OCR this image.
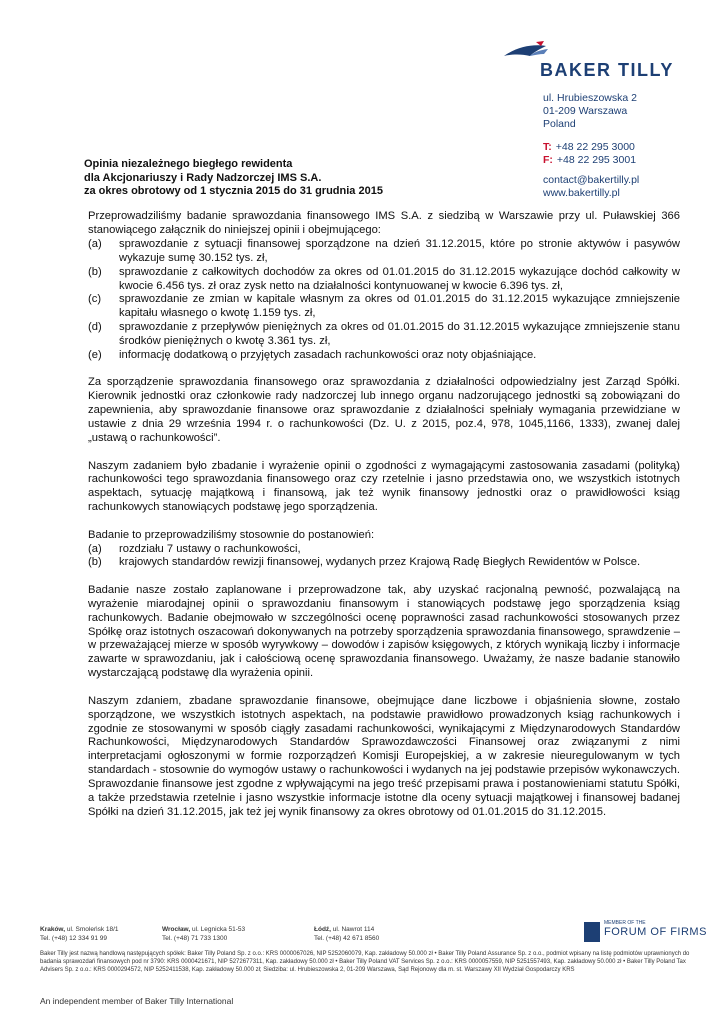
BAKER TILLY
ul. Hrubieszowska 2
01-209 Warszawa
Poland
T: +48 22 295 3000
F: +48 22 295 3001
contact@bakertilly.pl
www.bakertilly.pl
Opinia niezależnego biegłego rewidenta
dla Akcjonariuszy i Rady Nadzorczej IMS S.A.
za okres obrotowy od 1 stycznia 2015 do 31 grudnia 2015

Przeprowadziliśmy badanie sprawozdania finansowego IMS S.A. z siedzibą w Warszawie przy ul. Puławskiej 366 stanowiącego załącznik do niniejszej opinii i obejmującego:

(a) sprawozdanie z sytuacji finansowej sporządzone na dzień 31.12.2015, które po stronie aktywów i pasywów wykazuje sumę 30.152 tys. zł,
(b) sprawozdanie z całkowitych dochodów za okres od 01.01.2015 do 31.12.2015 wykazujące dochód całkowity w kwocie 6.456 tys. zł oraz zysk netto na działalności kontynuowanej w kwocie 6.396 tys. zł,
(c) sprawozdanie ze zmian w kapitale własnym za okres od 01.01.2015 do 31.12.2015 wykazujące zmniejszenie kapitału własnego o kwotę 1.159 tys. zł,
(d) sprawozdanie z przepływów pieniężnych za okres od 01.01.2015 do 31.12.2015 wykazujące zmniejszenie stanu środków pieniężnych o kwotę 3.361 tys. zł,
(e) informację dodatkową o przyjętych zasadach rachunkowości oraz noty objaśniające.

Za sporządzenie sprawozdania finansowego oraz sprawozdania z działalności odpowiedzialny jest Zarząd Spółki. Kierownik jednostki oraz członkowie rady nadzorczej lub innego organu nadzorującego jednostki są zobowiązani do zapewnienia, aby sprawozdanie finansowe oraz sprawozdanie z działalności spełniały wymagania przewidziane w ustawie z dnia 29 września 1994 r. o rachunkowości (Dz. U. z 2015, poz.4, 978, 1045,1166, 1333), zwanej dalej „ustawą o rachunkowości”.

Naszym zadaniem było zbadanie i wyrażenie opinii o zgodności z wymagającymi zastosowania zasadami (polityką) rachunkowości tego sprawozdania finansowego oraz czy rzetelnie i jasno przedstawia ono, we wszystkich istotnych aspektach, sytuację majątkową i finansową, jak też wynik finansowy jednostki oraz o prawidłowości ksiąg rachunkowych stanowiących podstawę jego sporządzenia.

Badanie to przeprowadziliśmy stosownie do postanowień:

(a) rozdziału 7 ustawy o rachunkowości,
(b) krajowych standardów rewizji finansowej, wydanych przez Krajową Radę Biegłych Rewidentów w Polsce.

Badanie nasze zostało zaplanowane i przeprowadzone tak, aby uzyskać racjonalną pewność, pozwalającą na wyrażenie miarodajnej opinii o sprawozdaniu finansowym i stanowiących podstawę jego sporządzenia ksiąg rachunkowych. Badanie obejmowało w szczególności ocenę poprawności zasad rachunkowości stosowanych przez Spółkę oraz istotnych oszacowań dokonywanych na potrzeby sporządzenia sprawozdania finansowego, sprawdzenie – w przeważającej mierze w sposób wyrywkowy – dowodów i zapisów księgowych, z których wynikają liczby i informacje zawarte w sprawozdaniu, jak i całościową ocenę sprawozdania finansowego. Uważamy, że nasze badanie stanowiło wystarczającą podstawę dla wyrażenia opinii.

Naszym zdaniem, zbadane sprawozdanie finansowe, obejmujące dane liczbowe i objaśnienia słowne, zostało sporządzone, we wszystkich istotnych aspektach, na podstawie prawidłowo prowadzonych ksiąg rachunkowych i zgodnie ze stosowanymi w sposób ciągły zasadami rachunkowości, wynikającymi z Międzynarodowych Standardów Rachunkowości, Międzynarodowych Standardów Sprawozdawczości Finansowej oraz związanymi z nimi interpretacjami ogłoszonymi w formie rozporządzeń Komisji Europejskiej, a w zakresie nieuregulowanym w tych standardach - stosownie do wymogów ustawy o rachunkowości i wydanych na jej podstawie przepisów wykonawczych. Sprawozdanie finansowe jest zgodne z wpływającymi na jego treść przepisami prawa i postanowieniami statutu Spółki, a także przedstawia rzetelnie i jasno wszystkie informacje istotne dla oceny sytuacji majątkowej i finansowej badanej Spółki na dzień 31.12.2015, jak też jej wynik finansowy za okres obrotowy od 01.01.2015 do 31.12.2015.

Kraków, ul. Smoleńsk 18/1
Tel. (+48) 12 334 91 99
Wrocław, ul. Legnicka 51-53
Tel. (+48) 71 733 1300
Łódź, ul. Nawrot 114
Tel. (+48) 42 671 8560
MEMBER OF THE
FORUM OF FIRMS
Baker Tilly jest nazwą handlową następujących spółek: Baker Tilly Poland Sp. z o.o.: KRS 0000067026, NIP 5252060079, Kap. zakładowy 50.000 zł • Baker Tilly Poland Assurance Sp. z o.o., podmiot wpisany na listę podmiotów uprawnionych do badania sprawozdań finansowych pod nr 3790: KRS 0000421671, NIP 5272677311, Kap. zakładowy 50.000 zł • Baker Tilly Poland VAT Services Sp. z o.o.: KRS 0000057559, NIP 5251557493, Kap. zakładowy 50.000 zł • Baker Tilly Poland Tax Advisers Sp. z o.o.: KRS 0000294572, NIP 5252411538, Kap. zakładowy 50.000 zł; Siedziba: ul. Hrubieszowska 2, 01-209 Warszawa, Sąd Rejonowy dla m. st. Warszawy XII Wydział Gospodarczy KRS
An independent member of Baker Tilly International
